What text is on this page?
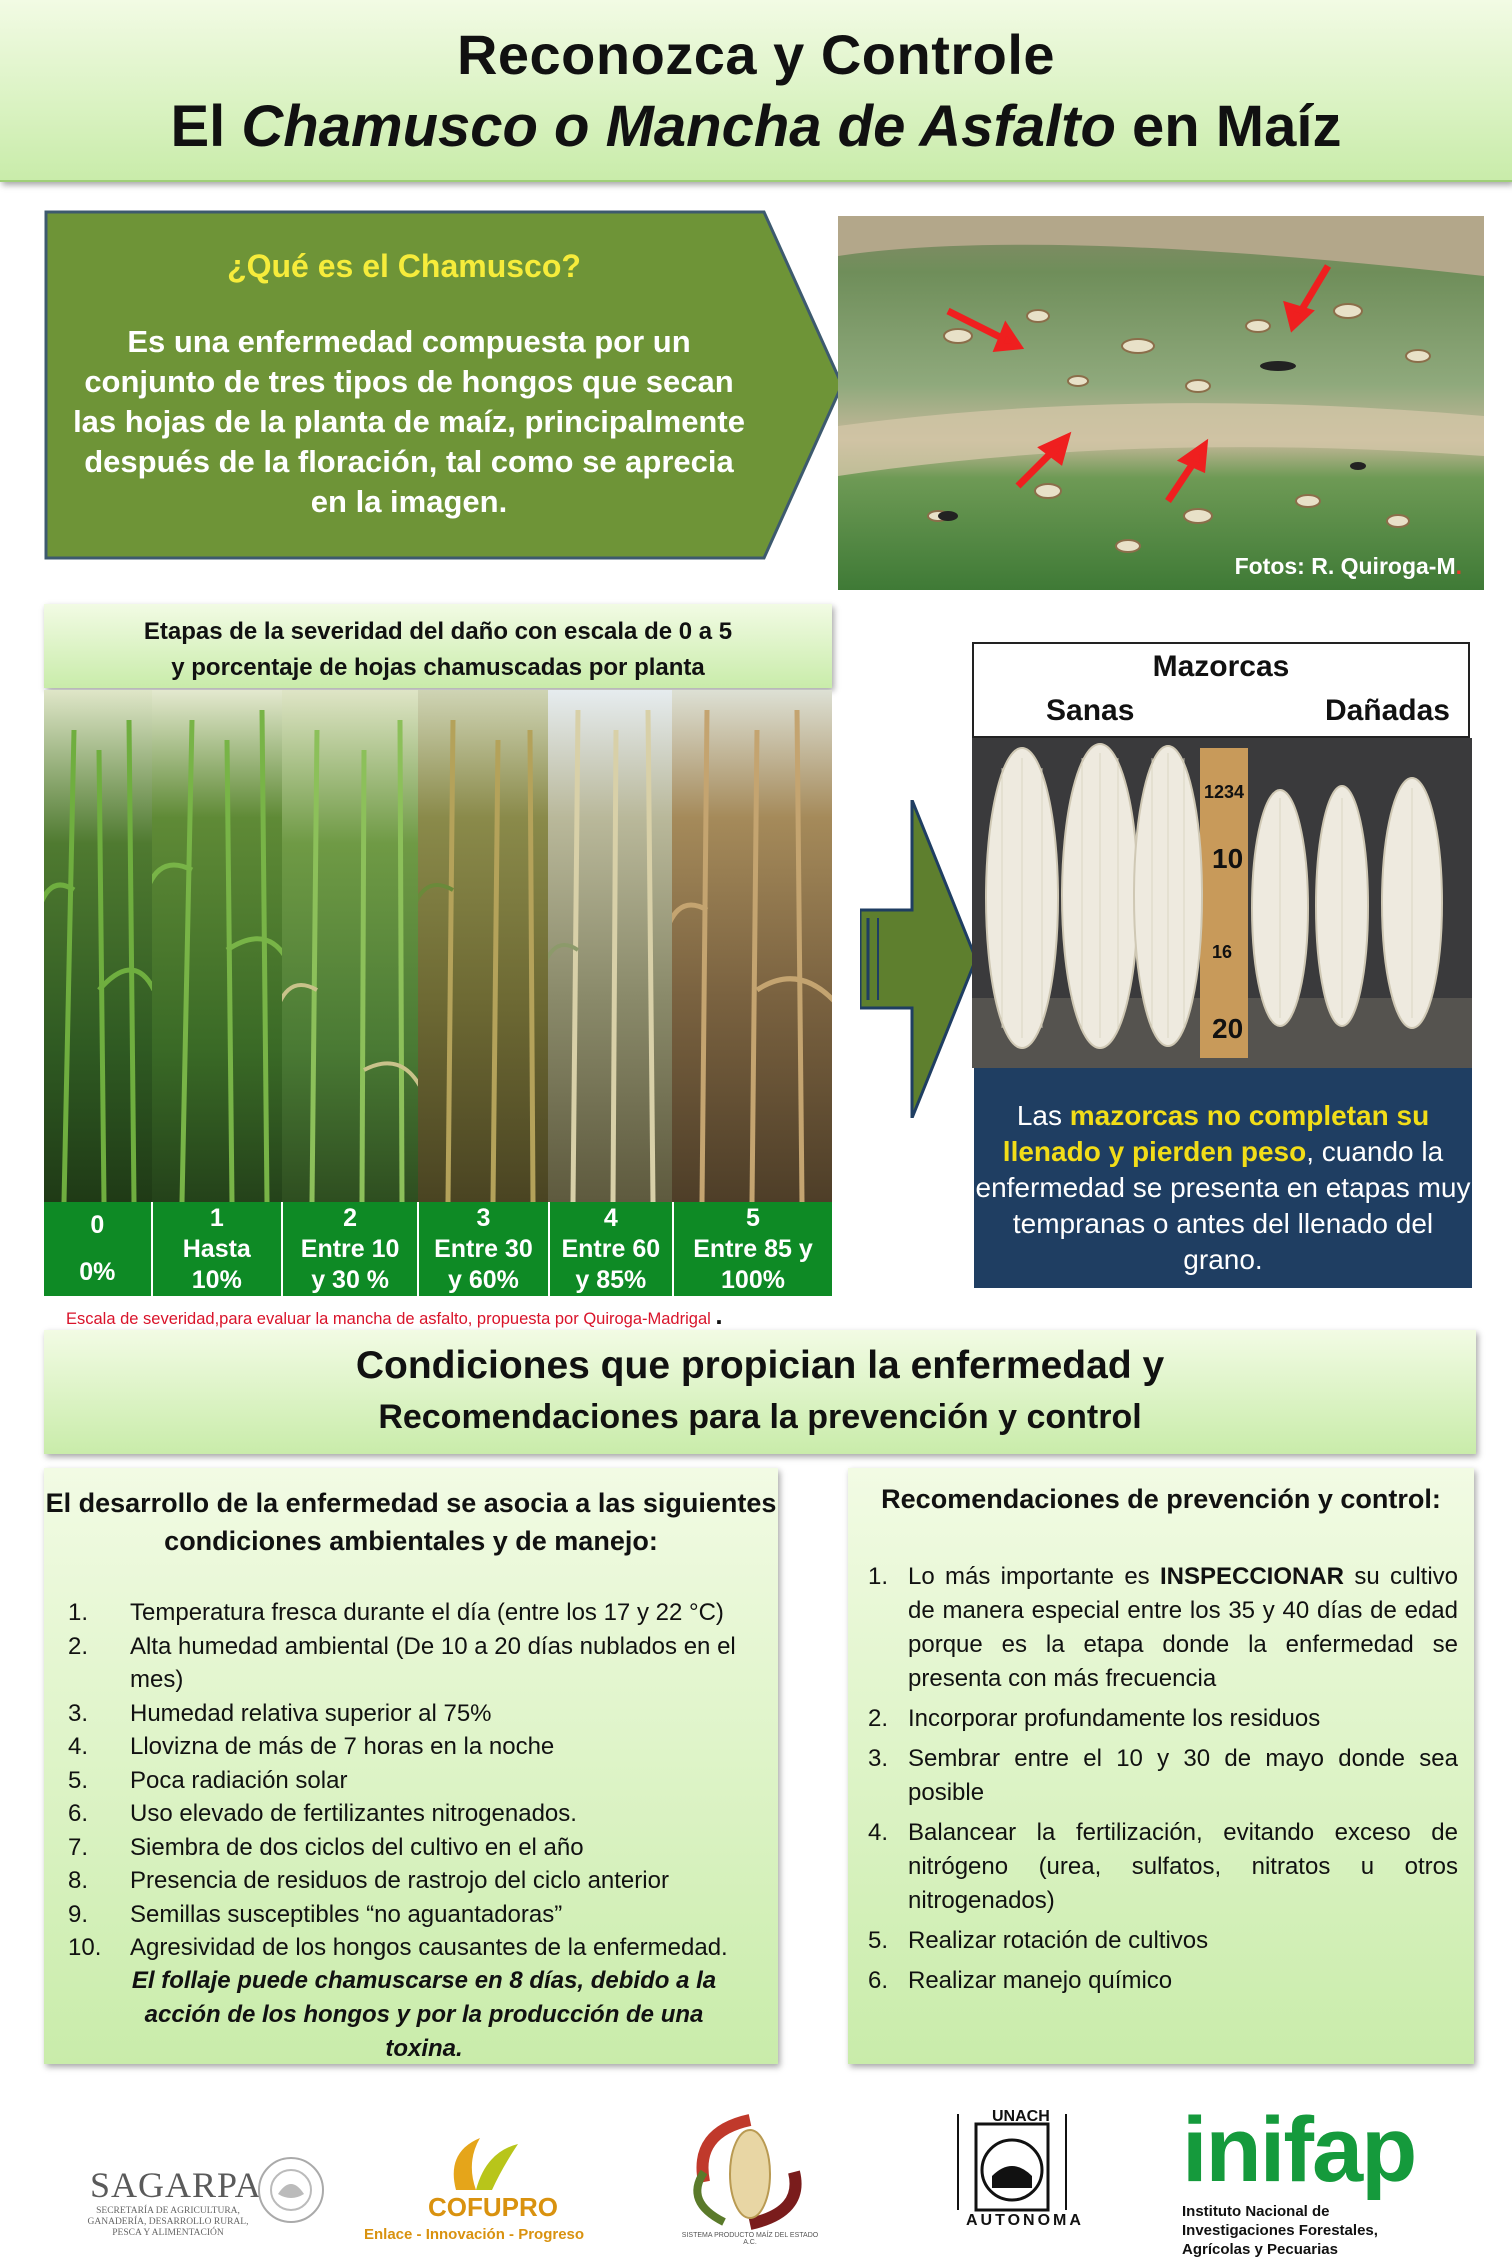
Reconozca y Controle
El Chamusco o Mancha de Asfalto en Maíz
¿Qué es el Chamusco?
Es una enfermedad compuesta por un conjunto de tres tipos de hongos que secan las hojas de la planta de maíz, principalmente después de la floración, tal como se aprecia en la imagen.
Fotos: R. Quiroga-M.
Etapas de la severidad del daño con escala de 0 a 5
y porcentaje de hojas chamuscadas por planta
0
0%
1
Hasta
10%
2
Entre 10
y 30 %
3
Entre 30
y 60%
4
Entre 60
y 85%
5
Entre 85 y
100%
Escala de severidad,para evaluar la mancha de asfalto, propuesta por Quiroga-Madrigal .
Mazorcas
Sanas	Dañadas
1234
10
16
20
Las mazorcas no completan su llenado y pierden peso, cuando la enfermedad se presenta en etapas muy tempranas o antes del llenado del grano.
Condiciones que propician la enfermedad y
Recomendaciones para la prevención y control
El desarrollo de la enfermedad se asocia a las siguientes condiciones ambientales y de manejo:
1. Temperatura fresca durante el día (entre los 17 y 22 °C)
2. Alta humedad ambiental (De 10 a 20 días nublados en el mes)
3. Humedad relativa superior al 75%
4. Llovizna de más de 7 horas en la noche
5. Poca radiación solar
6. Uso elevado de fertilizantes nitrogenados.
7. Siembra de dos ciclos del cultivo en el año
8. Presencia de residuos de rastrojo del ciclo anterior
9. Semillas susceptibles “no aguantadoras”
10. Agresividad de los hongos causantes de la enfermedad.
El follaje puede chamuscarse en 8 días, debido a la acción de los hongos y por la producción de una toxina.
Recomendaciones de prevención y control:
1. Lo más importante es INSPECCIONAR su cultivo de manera especial entre los 35 y 40 días de edad porque es la etapa donde la enfermedad se presenta con más frecuencia
2. Incorporar profundamente los residuos
3. Sembrar entre el 10 y 30 de mayo donde sea posible
4. Balancear la fertilización, evitando exceso de nitrógeno (urea, sulfatos, nitratos u otros nitrogenados)
5. Realizar rotación de cultivos
6. Realizar manejo químico
SAGARPA
SECRETARÍA DE AGRICULTURA, GANADERÍA, DESARROLLO RURAL, PESCA Y ALIMENTACIÓN
COFUPRO
Enlace - Innovación - Progreso	SISTEMA PRODUCTO MAÍZ DEL ESTADO A.C.
UNACH
AUTONOMA
inifap
Instituto Nacional de Investigaciones Forestales, Agrícolas y Pecuarias
